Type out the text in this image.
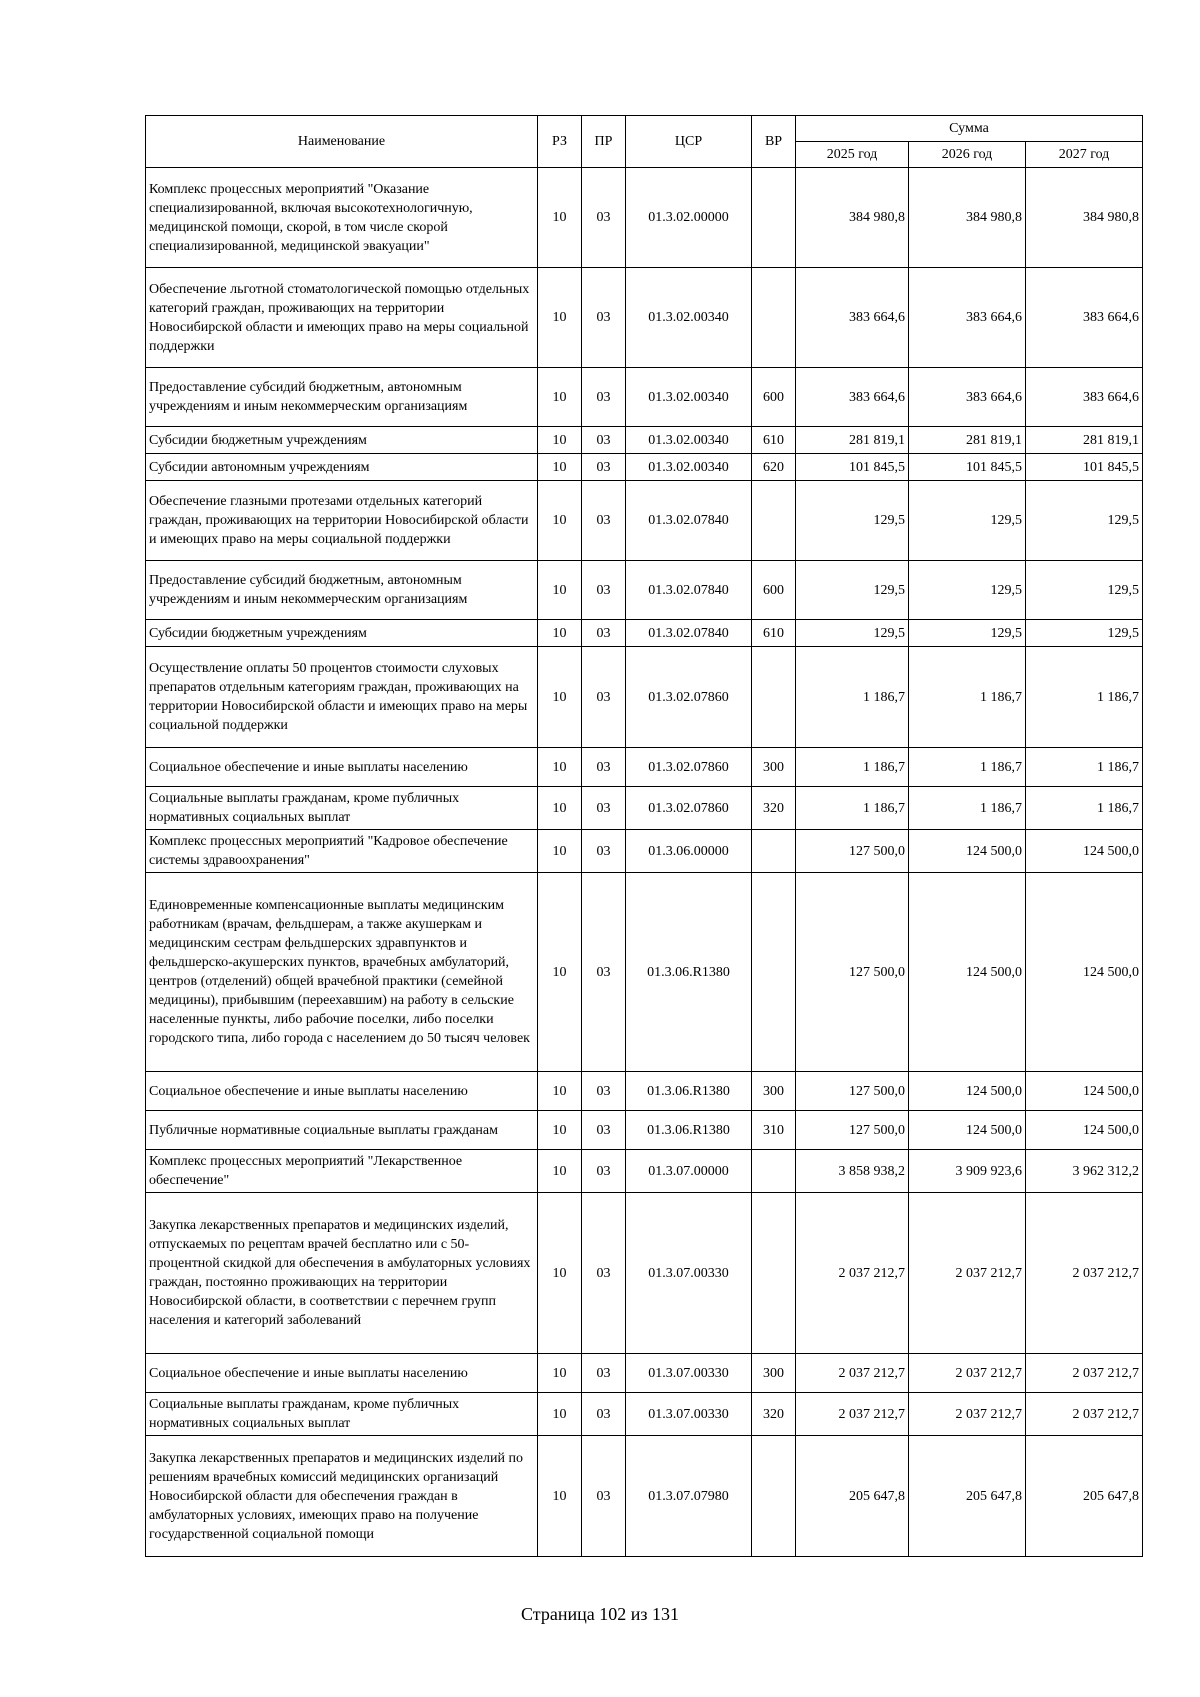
Наименование	РЗ	ПР	ЦСР	ВР	Сумма		
					2025 год	2026 год	2027 год
Комплекс процессных мероприятий "Оказание специализированной, включая высокотехнологичную, медицинской помощи, скорой, в том числе скорой специализированной, медицинской эвакуации"	10	03	01.3.02.00000		384 980,8	384 980,8	384 980,8
Обеспечение льготной стоматологической помощью отдельных категорий граждан, проживающих на территории Новосибирской области и имеющих право на меры социальной поддержки	10	03	01.3.02.00340		383 664,6	383 664,6	383 664,6
Предоставление субсидий бюджетным, автономным учреждениям и иным некоммерческим организациям	10	03	01.3.02.00340	600	383 664,6	383 664,6	383 664,6
Субсидии бюджетным учреждениям	10	03	01.3.02.00340	610	281 819,1	281 819,1	281 819,1
Субсидии автономным учреждениям	10	03	01.3.02.00340	620	101 845,5	101 845,5	101 845,5
Обеспечение глазными протезами отдельных категорий граждан, проживающих на территории Новосибирской области и имеющих право на меры социальной поддержки	10	03	01.3.02.07840		129,5	129,5	129,5
Предоставление субсидий бюджетным, автономным учреждениям и иным некоммерческим организациям	10	03	01.3.02.07840	600	129,5	129,5	129,5
Субсидии бюджетным учреждениям	10	03	01.3.02.07840	610	129,5	129,5	129,5
Осуществление оплаты 50 процентов стоимости слуховых препаратов отдельным категориям граждан, проживающих на территории Новосибирской области и имеющих право на меры социальной поддержки	10	03	01.3.02.07860		1 186,7	1 186,7	1 186,7
Социальное обеспечение и иные выплаты населению	10	03	01.3.02.07860	300	1 186,7	1 186,7	1 186,7
Социальные выплаты гражданам, кроме публичных нормативных социальных выплат	10	03	01.3.02.07860	320	1 186,7	1 186,7	1 186,7
Комплекс процессных мероприятий "Кадровое обеспечение системы здравоохранения"	10	03	01.3.06.00000		127 500,0	124 500,0	124 500,0
Единовременные компенсационные выплаты медицинским работникам (врачам, фельдшерам, а также акушеркам и медицинским сестрам фельдшерских здравпунктов и фельдшерско-акушерских пунктов, врачебных амбулаторий, центров (отделений) общей врачебной практики (семейной медицины), прибывшим (переехавшим) на работу в сельские населенные пункты, либо рабочие поселки, либо поселки городского типа, либо города с населением до 50 тысяч человек	10	03	01.3.06.R1380		127 500,0	124 500,0	124 500,0
Социальное обеспечение и иные выплаты населению	10	03	01.3.06.R1380	300	127 500,0	124 500,0	124 500,0
Публичные нормативные социальные выплаты гражданам	10	03	01.3.06.R1380	310	127 500,0	124 500,0	124 500,0
Комплекс процессных мероприятий "Лекарственное обеспечение"	10	03	01.3.07.00000		3 858 938,2	3 909 923,6	3 962 312,2
Закупка лекарственных препаратов и медицинских изделий, отпускаемых по рецептам врачей бесплатно или с 50-процентной скидкой для обеспечения в амбулаторных условиях граждан, постоянно проживающих на территории Новосибирской области, в соответствии с перечнем групп населения и категорий заболеваний	10	03	01.3.07.00330		2 037 212,7	2 037 212,7	2 037 212,7
Социальное обеспечение и иные выплаты населению	10	03	01.3.07.00330	300	2 037 212,7	2 037 212,7	2 037 212,7
Социальные выплаты гражданам, кроме публичных нормативных социальных выплат	10	03	01.3.07.00330	320	2 037 212,7	2 037 212,7	2 037 212,7
Закупка лекарственных препаратов и медицинских изделий по решениям врачебных комиссий медицинских организаций Новосибирской области для обеспечения граждан в амбулаторных условиях, имеющих право на получение государственной социальной помощи	10	03	01.3.07.07980		205 647,8	205 647,8	205 647,8
Страница 102 из 131
